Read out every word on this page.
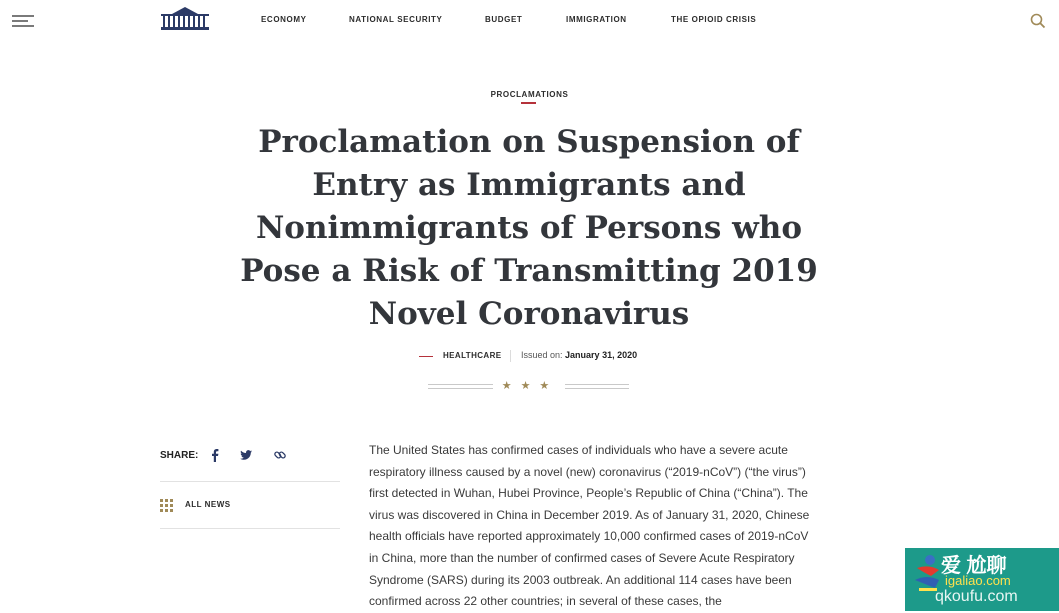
ECONOMY	NATIONAL SECURITY	BUDGET	IMMIGRATION	THE OPIOID CRISIS
PROCLAMATIONS
Proclamation on Suspension of Entry as Immigrants and Nonimmigrants of Persons who Pose a Risk of Transmitting 2019 Novel Coronavirus
HEALTHCARE Issued on: January 31, 2020
★★★
SHARE:
ALL NEWS

The United States has confirmed cases of individuals who have a severe acute respiratory illness caused by a novel (new) coronavirus (“2019-nCoV”) (“the virus”) first detected in Wuhan, Hubei Province, People’s Republic of China (“China”). The virus was discovered in China in December 2019. As of January 31, 2020, Chinese health officials have reported approximately 10,000 confirmed cases of 2019-nCoV in China, more than the number of confirmed cases of Severe Acute Respiratory Syndrome (SARS) during its 2003 outbreak. An additional 114 cases have been confirmed across 22 other countries; in several of these cases, the

爱 尬聊
igaliao.com
qkoufu.com
